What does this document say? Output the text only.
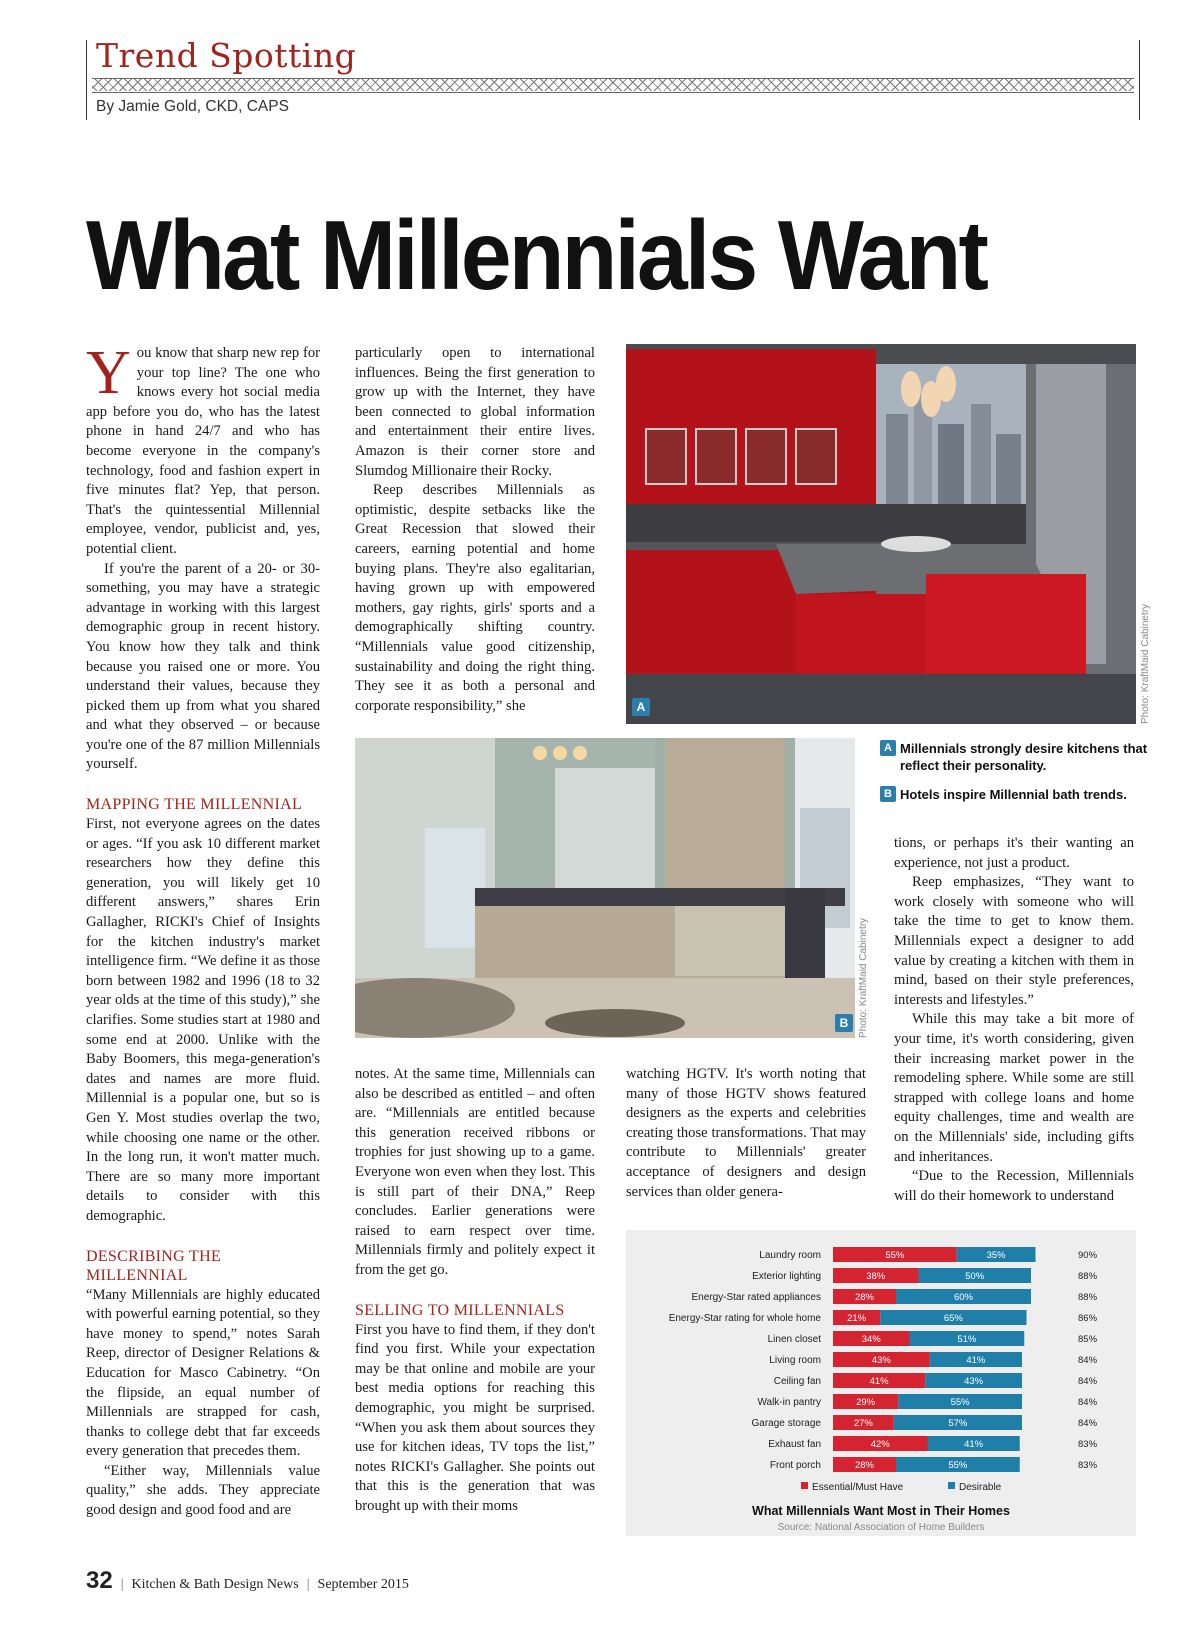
Trend Spotting
By Jamie Gold, CKD, CAPS
What Millennials Want

You know that sharp new rep for your top line? The one who knows every hot social media app before you do, who has the latest phone in hand 24/7 and who has become everyone in the company's technology, food and fashion expert in five minutes flat? Yep, that person. That's the quintessential Millennial employee, vendor, publicist and, yes, potential client.

If you're the parent of a 20- or 30-something, you may have a strategic advantage in working with this largest demographic group in recent history. You know how they talk and think because you raised one or more. You understand their values, because they picked them up from what you shared and what they observed – or because you're one of the 87 million Millennials yourself.

MAPPING THE MILLENNIAL

First, not everyone agrees on the dates or ages. “If you ask 10 different market researchers how they define this generation, you will likely get 10 different answers,” shares Erin Gallagher, RICKI's Chief of Insights for the kitchen industry's market intelligence firm. “We define it as those born between 1982 and 1996 (18 to 32 year olds at the time of this study),” she clarifies. Some studies start at 1980 and some end at 2000. Unlike with the Baby Boomers, this mega-generation's dates and names are more fluid. Millennial is a popular one, but so is Gen Y. Most studies overlap the two, while choosing one name or the other. In the long run, it won't matter much. There are so many more important details to consider with this demographic.

DESCRIBING THE MILLENNIAL

“Many Millennials are highly educated with powerful earning potential, so they have money to spend,” notes Sarah Reep, director of Designer Relations & Education for Masco Cabinetry. “On the flipside, an equal number of Millennials are strapped for cash, thanks to college debt that far exceeds every generation that precedes them.

“Either way, Millennials value quality,” she adds. They appreciate good design and good food and are

particularly open to international influences. Being the first generation to grow up with the Internet, they have been connected to global information and entertainment their entire lives. Amazon is their corner store and Slumdog Millionaire their Rocky.

Reep describes Millennials as optimistic, despite setbacks like the Great Recession that slowed their careers, earning potential and home buying plans. They're also egalitarian, having grown up with empowered mothers, gay rights, girls' sports and a demographically shifting country. “Millennials value good citizenship, sustainability and doing the right thing. They see it as both a personal and corporate responsibility,” she	A	Photo: KraftMaid Cabinetry
B Photo: KraftMaid Cabinetry
A Millennials strongly desire kitchens that reflect their personality.
B Hotels inspire Millennial bath trends.

tions, or perhaps it's their wanting an experience, not just a product.

Reep emphasizes, “They want to work closely with someone who will take the time to get to know them. Millennials expect a designer to add value by creating a kitchen with them in mind, based on their style preferences, interests and lifestyles.”

While this may take a bit more of your time, it's worth considering, given their increasing market power in the remodeling sphere. While some are still strapped with college loans and home equity challenges, time and wealth are on the Millennials' side, including gifts and inheritances.

“Due to the Recession, Millennials will do their homework to understand

notes. At the same time, Millennials can also be described as entitled – and often are. “Millennials are entitled because this generation received ribbons or trophies for just showing up to a game. Everyone won even when they lost. This is still part of their DNA,” Reep concludes. Earlier generations were raised to earn respect over time. Millennials firmly and politely expect it from the get go.

SELLING TO MILLENNIALS

First you have to find them, if they don't find you first. While your expectation may be that online and mobile are your best media options for reaching this demographic, you might be surprised. “When you ask them about sources they use for kitchen ideas, TV tops the list,” notes RICKI's Gallagher. She points out that this is the generation that was brought up with their moms

watching HGTV. It's worth noting that many of those HGTV shows featured designers as the experts and celebrities creating those transformations. That may contribute to Millennials' greater acceptance of designers and design services than older genera-

Laundry room	55%	35%	90%
Exterior lighting	38%	50%	88%
Energy-Star rated appliances	28%	60%	88%
Energy-Star rating for whole home	21%	65%	86%
Linen closet	34%	51%	85%
Living room	43%	41%	84%
Ceiling fan	41%	43%	84%
Walk-in pantry	29%	55%	84%
Garage storage	27%	57%	84%
Exhaust fan	42%	41%	83%
Front porch	28%	55%	83%
Essential/Must Have	Desirable
What Millennials Want Most in Their Homes
Source: National Association of Home Builders
32 | Kitchen & Bath Design News | September 2015
